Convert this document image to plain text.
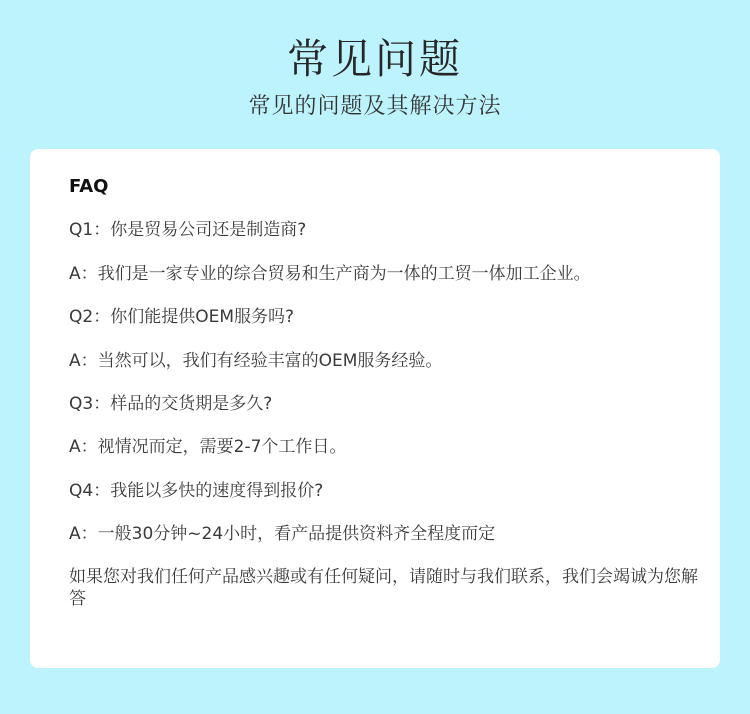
常见问题
常见的问题及其解决方法
FAQ
Q1：你是贸易公司还是制造商?
A：我们是一家专业的综合贸易和生产商为一体的工贸一体加工企业。
Q2：你们能提供OEM服务吗?
A：当然可以，我们有经验丰富的OEM服务经验。
Q3：样品的交货期是多久?
A：视情况而定，需要2-7个工作日。
Q4：我能以多快的速度得到报价?
A：一般30分钟~24小时，看产品提供资料齐全程度而定
如果您对我们任何产品感兴趣或有任何疑问，请随时与我们联系，我们会竭诚为您解答
